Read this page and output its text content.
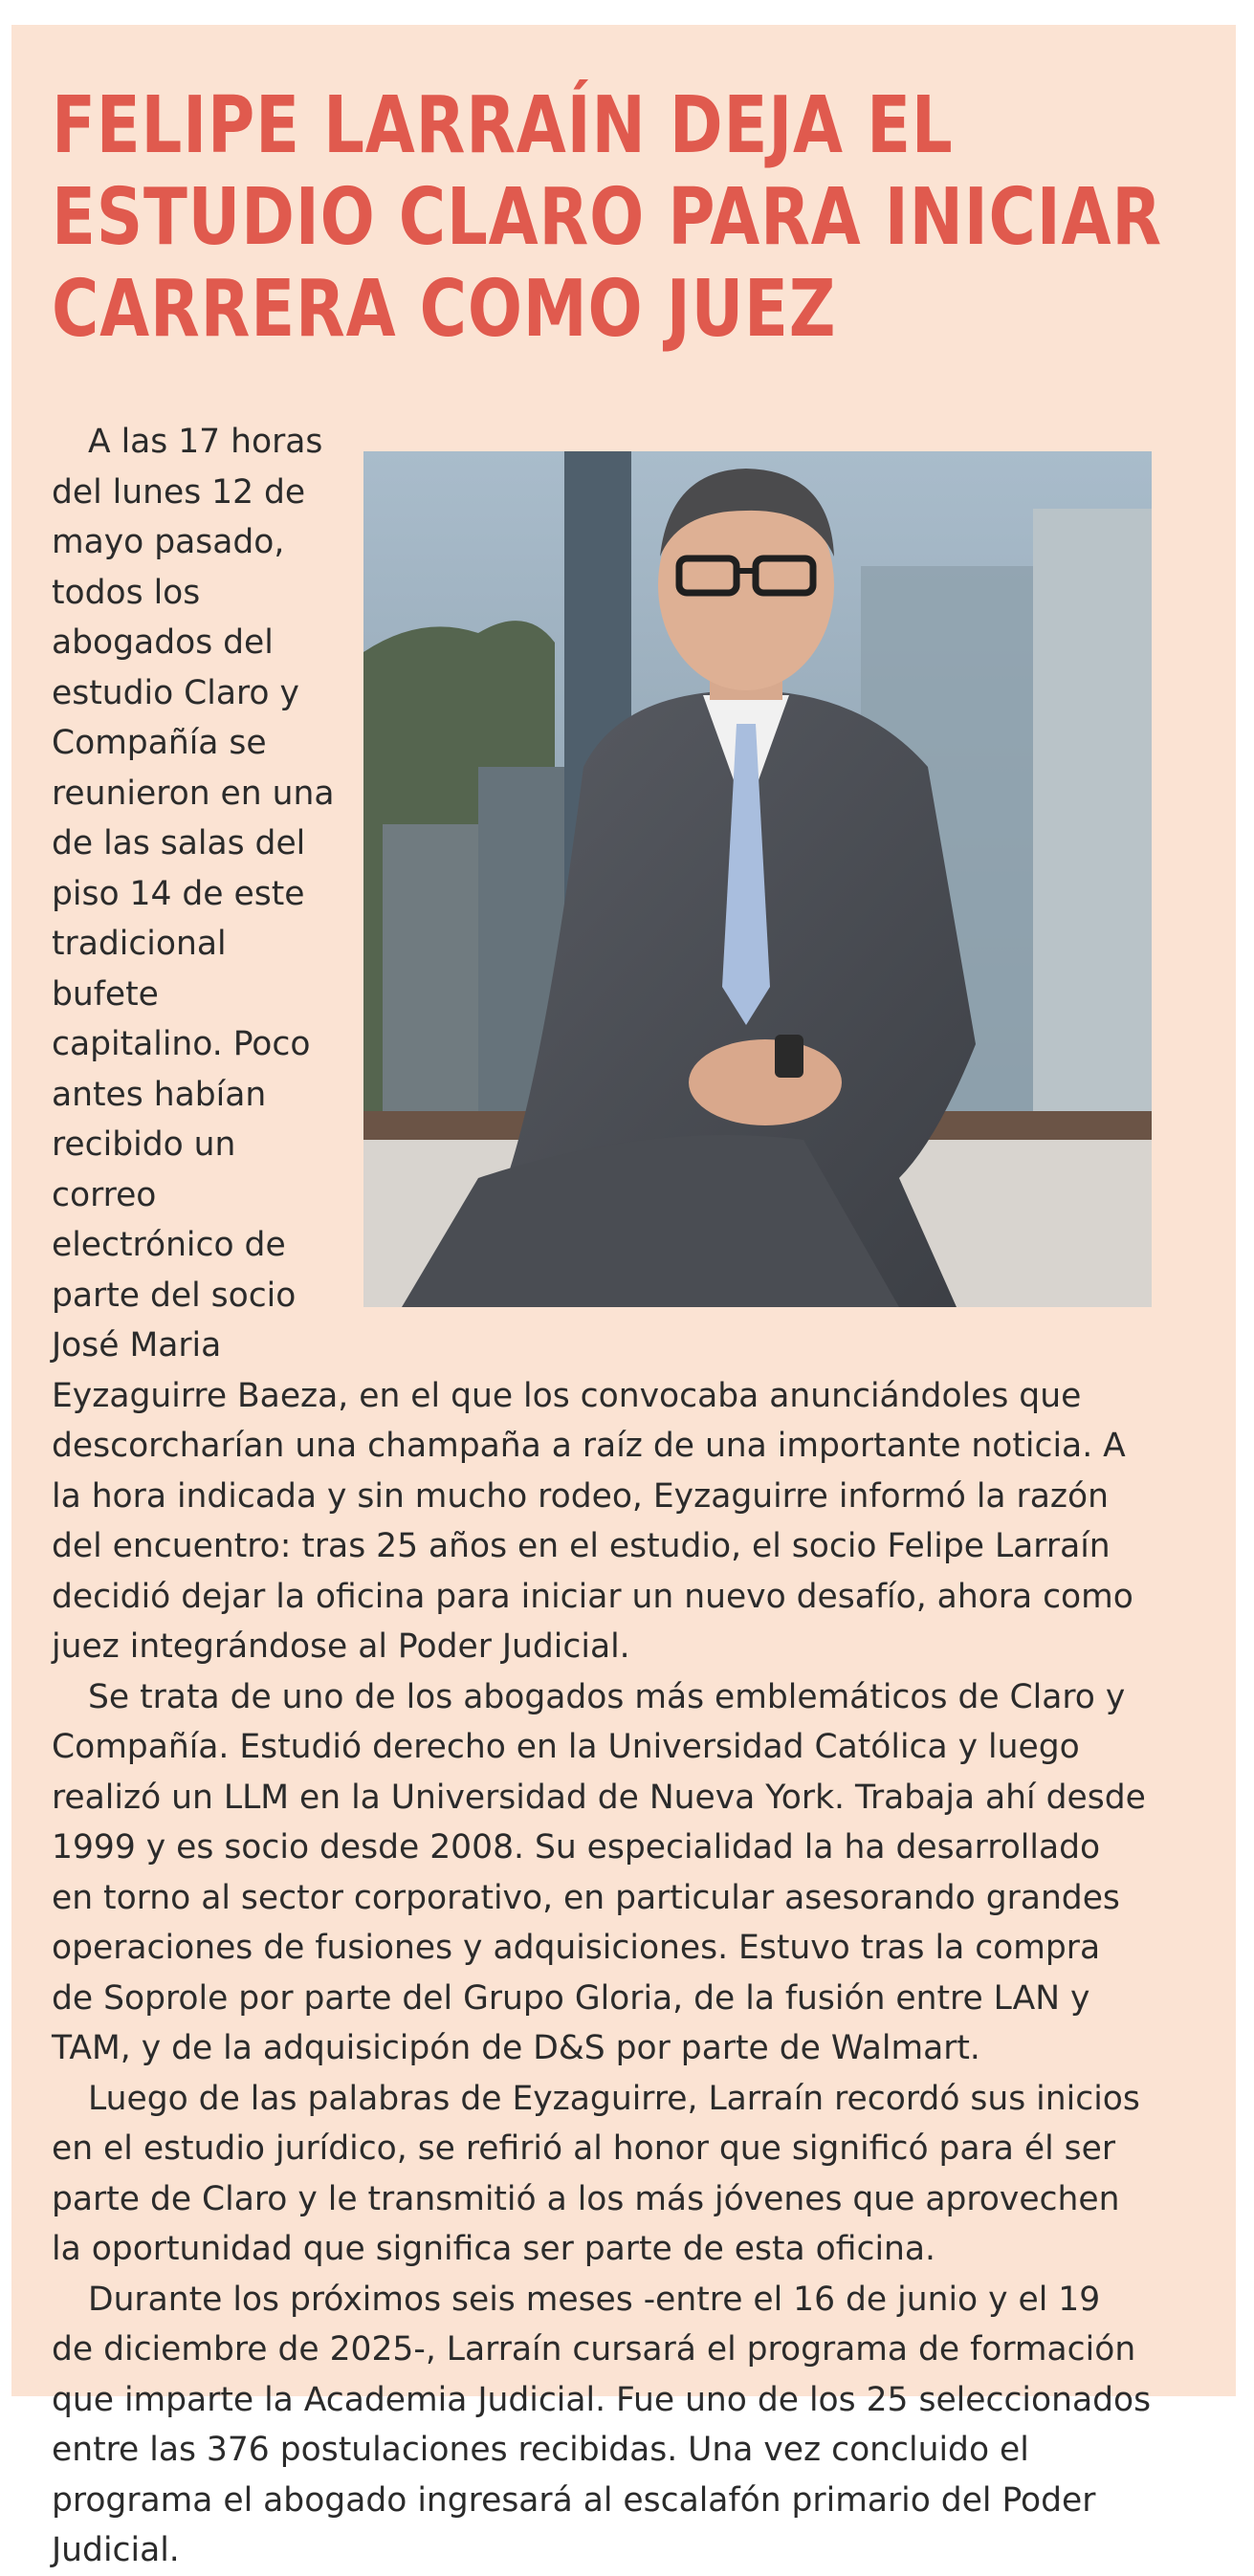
FELIPE LARRAÍN DEJA EL ESTUDIO CLARO PARA INICIAR CARRERA COMO JUEZ

A las 17 horas del lunes 12 de mayo pasado, todos los abogados del estudio Claro y Compañía se reunieron en una de las salas del piso 14 de este tradicional bufete capitalino. Poco antes habían recibido un correo electrónico de parte del socio José Maria Eyzaguirre Baeza, en el que los convocaba anunciándoles que descorcharían una champaña a raíz de una importante noticia. A la hora indicada y sin mucho rodeo, Eyzaguirre informó la razón del encuentro: tras 25 años en el estudio, el socio Felipe Larraín decidió dejar la oficina para iniciar un nuevo desafío, ahora como juez integrándose al Poder Judicial.

Se trata de uno de los abogados más emblemáticos de Claro y Compañía. Estudió derecho en la Universidad Católica y luego realizó un LLM en la Universidad de Nueva York. Trabaja ahí desde 1999 y es socio desde 2008. Su especialidad la ha desarrollado en torno al sector corporativo, en particular asesorando grandes operaciones de fusiones y adquisiciones. Estuvo tras la compra de Soprole por parte del Grupo Gloria, de la fusión entre LAN y TAM, y de la adquisicipón de D&S por parte de Walmart.

Luego de las palabras de Eyzaguirre, Larraín recordó sus inicios en el estudio jurídico, se refirió al honor que significó para él ser parte de Claro y le transmitió a los más jóvenes que aprovechen la oportunidad que significa ser parte de esta oficina.

Durante los próximos seis meses -entre el 16 de junio y el 19 de diciembre de 2025-, Larraín cursará el programa de formación que imparte la Academia Judicial. Fue uno de los 25 seleccionados entre las 376 postulaciones recibidas. Una vez concluido el programa el abogado ingresará al escalafón primario del Poder Judicial.
